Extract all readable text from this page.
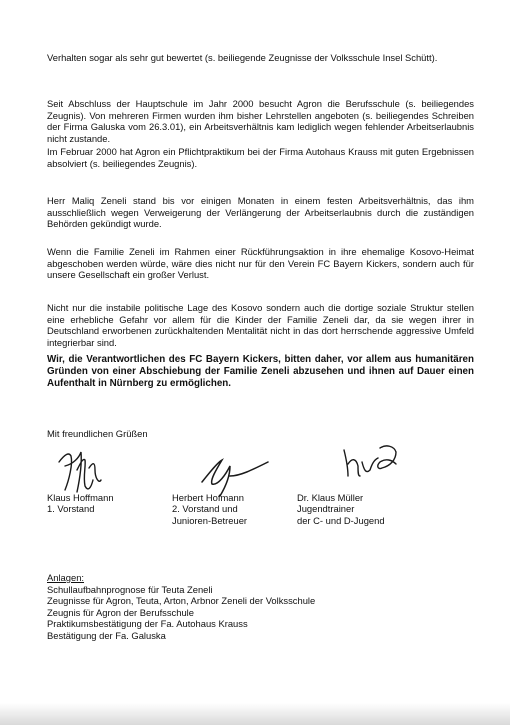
Verhalten sogar als sehr gut bewertet (s. beiliegende Zeugnisse der Volksschule Insel Schütt).

Seit Abschluss der Hauptschule im Jahr 2000 besucht Agron die Berufsschule (s. beiliegendes Zeugnis). Von mehreren Firmen wurden ihm bisher Lehrstellen angeboten (s. beiliegendes Schreiben der Firma Galuska vom 26.3.01), ein Arbeitsverhältnis kam lediglich wegen fehlender Arbeitserlaubnis nicht zustande.

Im Februar 2000 hat Agron ein Pflichtpraktikum bei der Firma Autohaus Krauss mit guten Ergebnissen absolviert (s. beiliegendes Zeugnis).

Herr Maliq Zeneli stand bis vor einigen Monaten in einem festen Arbeitsverhältnis, das ihm ausschließlich wegen Verweigerung der Verlängerung der Arbeitserlaubnis durch die zuständigen Behörden gekündigt wurde.

Wenn die Familie Zeneli im Rahmen einer Rückführungsaktion in ihre ehemalige Kosovo-Heimat abgeschoben werden würde, wäre dies nicht nur für den Verein FC Bayern Kickers, sondern auch für unsere Gesellschaft ein großer Verlust.

Nicht nur die instabile politische Lage des Kosovo sondern auch die dortige soziale Struktur stellen eine erhebliche Gefahr vor allem für die Kinder der Familie Zeneli dar, da sie wegen ihrer in Deutschland erworbenen zurückhaltenden Mentalität nicht in das dort herrschende aggressive Umfeld integrierbar sind.

Wir, die Verantwortlichen des FC Bayern Kickers, bitten daher, vor allem aus humanitären Gründen von einer Abschiebung der Familie Zeneli abzusehen und ihnen auf Dauer einen Aufenthalt in Nürnberg zu ermöglichen.

Mit freundlichen Grüßen
Klaus Hoffmann
1. Vorstand
Herbert Hofmann
2. Vorstand und
Junioren-Betreuer
Dr. Klaus Müller
Jugendtrainer
der C- und D-Jugend
Anlagen:
Schullaufbahnprognose für Teuta Zeneli
Zeugnisse für Agron, Teuta, Arton, Arbnor Zeneli der Volksschule
Zeugnis für Agron der Berufsschule
Praktikumsbestätigung der Fa. Autohaus Krauss
Bestätigung der Fa. Galuska
